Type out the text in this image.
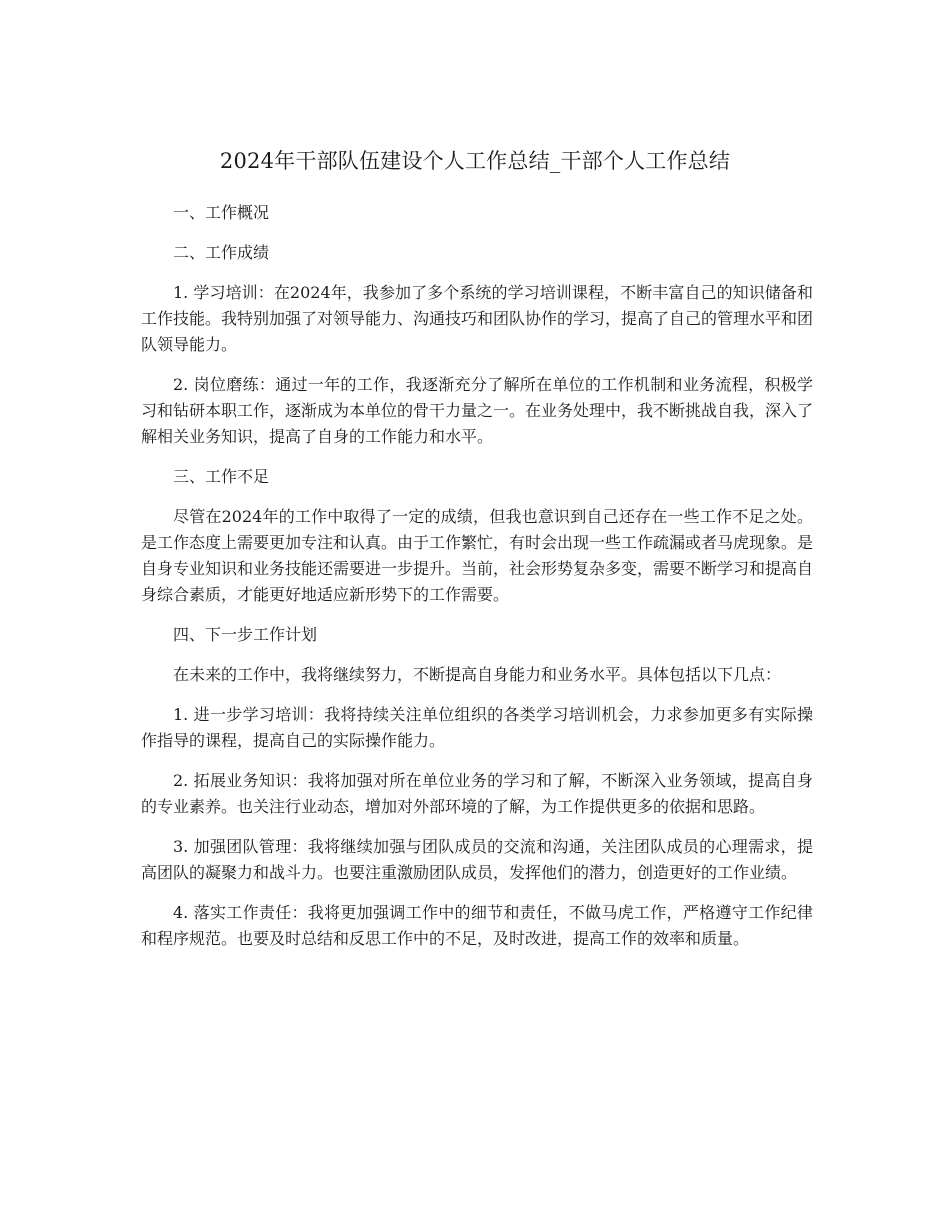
2024年干部队伍建设个人工作总结_干部个人工作总结

一、工作概况

二、工作成绩

1. 学习培训：在2024年，我参加了多个系统的学习培训课程，不断丰富自己的知识储备和工作技能。我特别加强了对领导能力、沟通技巧和团队协作的学习，提高了自己的管理水平和团队领导能力。

2. 岗位磨练：通过一年的工作，我逐渐充分了解所在单位的工作机制和业务流程，积极学习和钻研本职工作，逐渐成为本单位的骨干力量之一。在业务处理中，我不断挑战自我，深入了解相关业务知识，提高了自身的工作能力和水平。

三、工作不足

尽管在2024年的工作中取得了一定的成绩，但我也意识到自己还存在一些工作不足之处。是工作态度上需要更加专注和认真。由于工作繁忙，有时会出现一些工作疏漏或者马虎现象。是自身专业知识和业务技能还需要进一步提升。当前，社会形势复杂多变，需要不断学习和提高自身综合素质，才能更好地适应新形势下的工作需要。

四、下一步工作计划

在未来的工作中，我将继续努力，不断提高自身能力和业务水平。具体包括以下几点：

1. 进一步学习培训：我将持续关注单位组织的各类学习培训机会，力求参加更多有实际操作指导的课程，提高自己的实际操作能力。

2. 拓展业务知识：我将加强对所在单位业务的学习和了解，不断深入业务领域，提高自身的专业素养。也关注行业动态，增加对外部环境的了解，为工作提供更多的依据和思路。

3. 加强团队管理：我将继续加强与团队成员的交流和沟通，关注团队成员的心理需求，提高团队的凝聚力和战斗力。也要注重激励团队成员，发挥他们的潜力，创造更好的工作业绩。

4. 落实工作责任：我将更加强调工作中的细节和责任，不做马虎工作，严格遵守工作纪律和程序规范。也要及时总结和反思工作中的不足，及时改进，提高工作的效率和质量。
